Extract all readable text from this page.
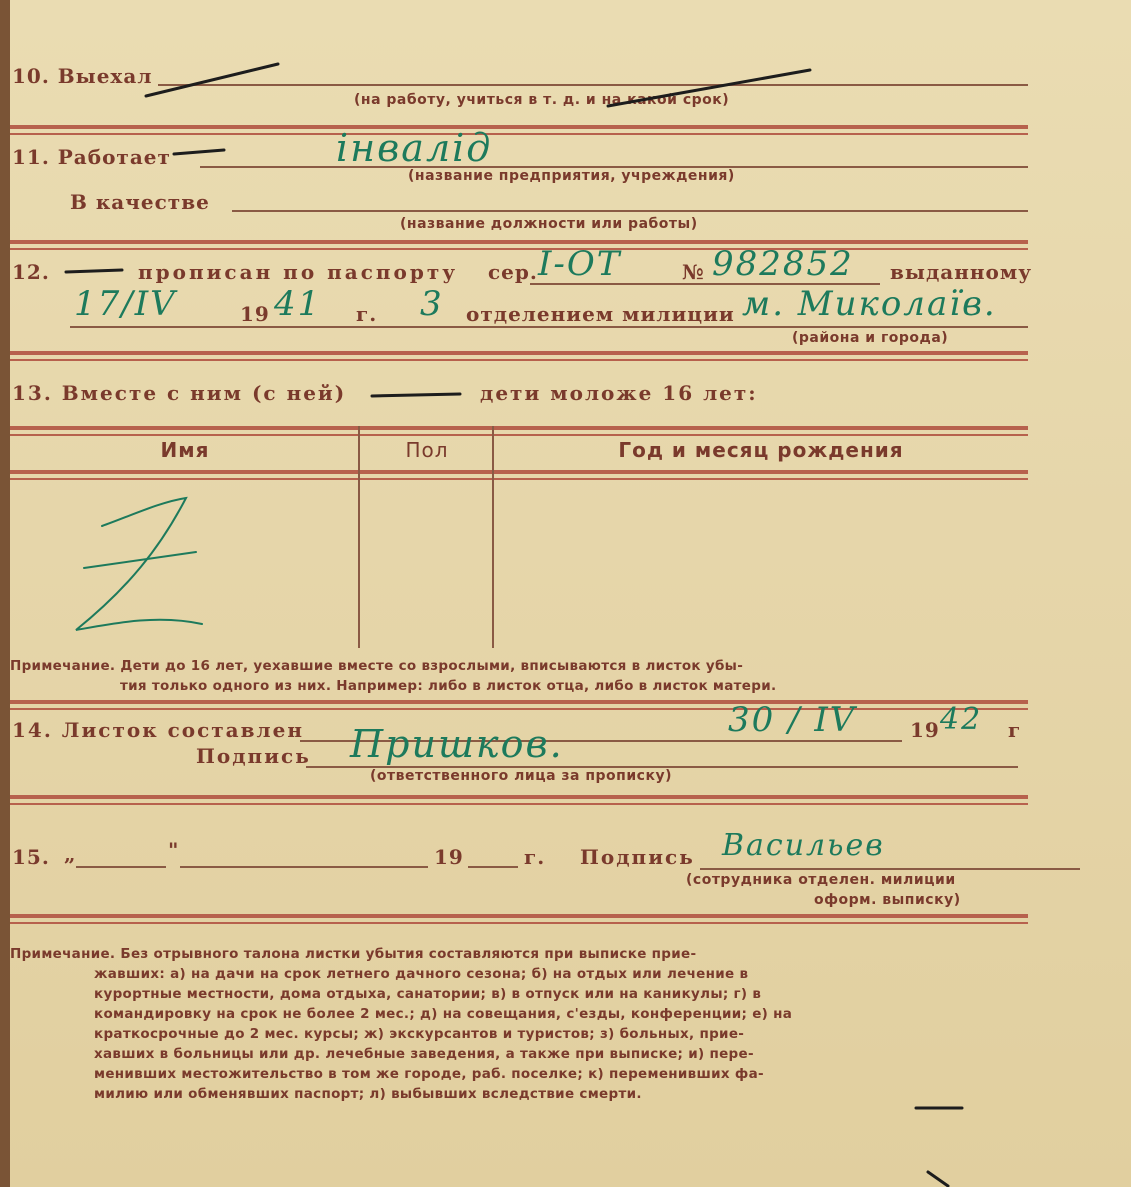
10. Выехал
(на работу, учиться в т. д. и на какой срок)
11. Работает	інвалід
(название предприятия, учреждения)
В качестве
(название должности или работы)
12.	прописан по паспорту сер. І-ОТ	№ 982852 выданному
17/IV	19 41 г. 3 отделением милиции м. Миколаїв.
(района и города)
13. Вместе с ним (с ней)	дети моложе 16 лет:
Имя	Пол	Год и месяц рождения
Примечание. Дети до 16 лет, уехавшие вместе со взрослыми, вписываются в листок убы-
тия только одного из них. Например: либо в листок отца, либо в листок матери.
14. Листок составлен	30 / IV	19 42 г
Подпись Пришков.
(ответственного лица за прописку)
15. „	"	19	г. Подпись Васильев
(сотрудника отделен. милиции
оформ. выписку)
Примечание. Без отрывного талона листки убытия составляются при выписке прие-
жавших: а) на дачи на срок летнего дачного сезона; б) на отдых или лечение в
курортные местности, дома отдыха, санатории; в) в отпуск или на каникулы; г) в
командировку на срок не более 2 мес.; д) на совещания, с'езды, конференции; е) на
краткосрочные до 2 мес. курсы; ж) экскурсантов и туристов; з) больных, прие-
хавших в больницы или др. лечебные заведения, а также при выписке; и) пере-
менивших местожительство в том же городе, раб. поселке; к) переменивших фа-
милию или обменявших паспорт; л) выбывших вследствие смерти.
